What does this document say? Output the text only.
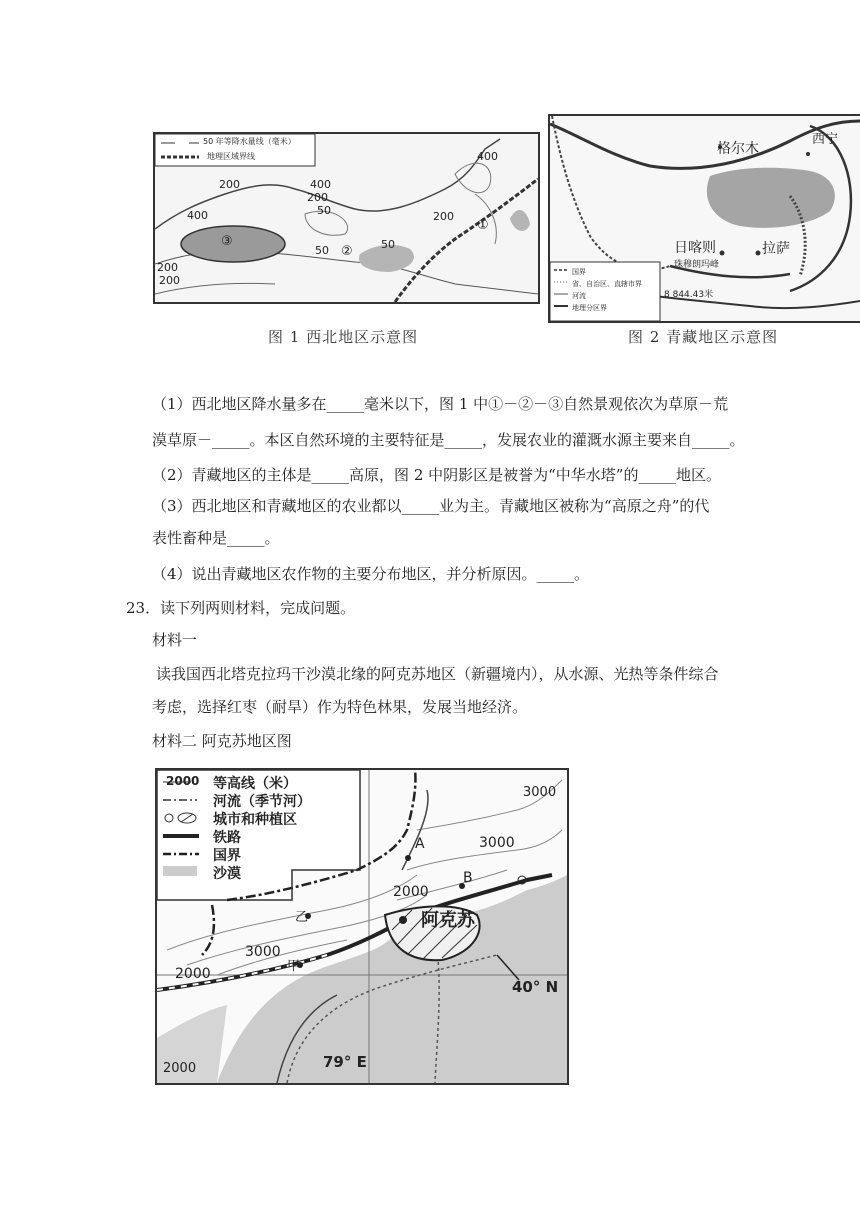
50 年等降水量线（毫米）
地理区域界线	400
200	400
200
50
400	200
50	50
200
200
①
②
③
图 1 西北地区示意图
格尔木
西宁
日喀则	拉萨
珠穆朗玛峰
8 844.43米
国界
省、自治区、直辖市界
河流
地理分区界
图 2 青藏地区示意图
（1）西北地区降水量多在_____毫米以下，图 1 中①－②－③自然景观依次为草原－荒
漠草原－_____。本区自然环境的主要特征是_____，发展农业的灌溉水源主要来自_____。
（2）青藏地区的主体是_____高原，图 2 中阴影区是被誉为“中华水塔”的_____地区。
（3）西北地区和青藏地区的农业都以_____业为主。青藏地区被称为“高原之舟”的代
表性畜种是_____。
（4）说出青藏地区农作物的主要分布地区，并分析原因。_____。
23．读下列两则材料，完成问题。
材料一
读我国西北塔克拉玛干沙漠北缘的阿克苏地区（新疆境内），从水源、光热等条件综合
考虑，选择红枣（耐旱）作为特色林果，发展当地经济。
材料二 阿克苏地区图
2000 等高线（米）
河流（季节河）
城市和种植区
铁路
国界
沙漠
3000
3000
2000
3000
2000
2000
A
B
乙
甲
阿克苏
40° N
79° E
